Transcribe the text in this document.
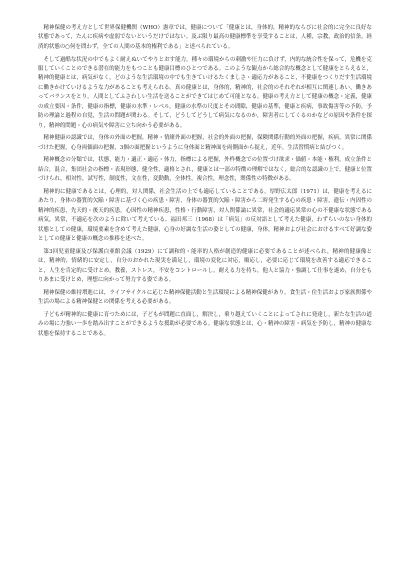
精神保健の考え方として世界保健機関（WHO）憲章では，健康について「健康とは，身体的，精神的ならびに社会的に完全に良好な状態であって，たんに疾病や虚弱でないというだけではない。及ぶ限り最高の健康標準を享受することは，人種，宗教，政治的信条，経済的状態の○何を問わず，全ての人間の基本的権利である」と述べられている。

そして過酷な状況の中でもよく耐えぬいてやりとおす能力，種々の環境からの刺激や圧力に負けず，内的な統合性を保って，危機を克服していくことのできる潜在的能力をもつことも健康目標のひとつである。このような観点から総合的な概念として健康をとらえると，精神的健康とは，病気がなく，どのような生活環境の中でも生きていけるたくましさ・適応力があること，不健康をつくりだす生活環境に働きかけていけるような力があることも考えられる。真の健康とは，身体的，精神的，社会的のそれぞれが相互に関連しあい，働きあってバランスをとり，人間としてふさわしい生活を送ることができてはじめて可能となる。健康の考え方として健康の概念・定義，健康の成立要因・条件，健康の指標，健康の水準・レベル，健康の水準の尺度とその間隙，健康の基準，健康と疾病，事故傷害等の予防，予防の理論と過程の自覚，生活の問題が関わる。そして，どうしてどうして病気になるのか，障害者にしてくるのかなどの原因や条件を探り，精神的問題・心の病気や障害に立ち向かう必要がある。

精神健康の認識では，身体の外面の把握，精神・情緒外面の把握，社会的外面の把握，保険関係行動的外面の把握，疾病，異常に関係づけた把握，心身両価面の把握，3個の面把握というように身体面と精神面を両側面から捉え，近年，生活習慣病と結びつく。

精神概念の分類では，状態，能力・適正・適応・体力，指標による把握，外枠概念での位置づけ欲求・価値・本能・権利，成立条件と結合，混合，集団社会の指標・表現形態，健全性，適格とされ，健康とは一部の特徴の理解ではなく，総合的な認識の上で，健康と位置づけられ，相対性，試写性，制度性，文在性，変動動，全体性，複合性，理念性，関係性の特徴がある。

精神的に健康であるとは，心理的，対人関係，社会生活の上でも適応していることである。厚野広太郎（1971）は，健康を考えるにあたり，身体の器質的欠陥・障害に基づく心の疾患・障害，身体の器質的欠陥・障害から二時発生する心の疾患・障害，遺伝・内因性の精神的疾患，先天的・後天的疾患，心因性の精神疾患，性格・行動障害，対人関係論に異常，社会的適応異常の心の不健康な状態である病気，異常，不適応を次のように除いて考えている。福田邦三（1968）は「病気」の反対語として考えた健康，わずらいのない身体的状態としての健康，環境要素を含めて考えた健康，心身の好調な生活の姿としての健康，身体，精神および社会におけるすべて好調な姿としての健康と健康の概念の推移を述べた。

第3回児童健康及び保護白亜館会議（1929）にて調和的・能率的人格が創造的健康に必要であることが述べられ，精神的健康像とは，精神的，情緒的に安定し，自分のおかれた現実を満足し，環境の変化に対応，順応し，必要に応じて環境を改善する適応できること，人生を肯定的に受けとめ，教養，ストレス，不安をコントロールし，耐える力を持ち，他人と協力・強調して仕事を遂め，自分をもりあまに受けとめ，理想に向かって努力する姿である。

精神保健の維持増進には，ライフサイクルに応じた精神保健活動と生活環境による精神保健があり，食生活・住生活および家族関係や生活の場による精神保健との関係を考える必要がある。

子どもが精神的に健康に育つためには，子どもが問題に直面し，解決し，乗り越えていくことによってされに発達し，新たな生活の道みの場に力強い一歩を踏み出すことができるような援助が必要である。健康な状態とは，心・精神の障害・病気を予防し，精神の健康な状態を保持することである。
